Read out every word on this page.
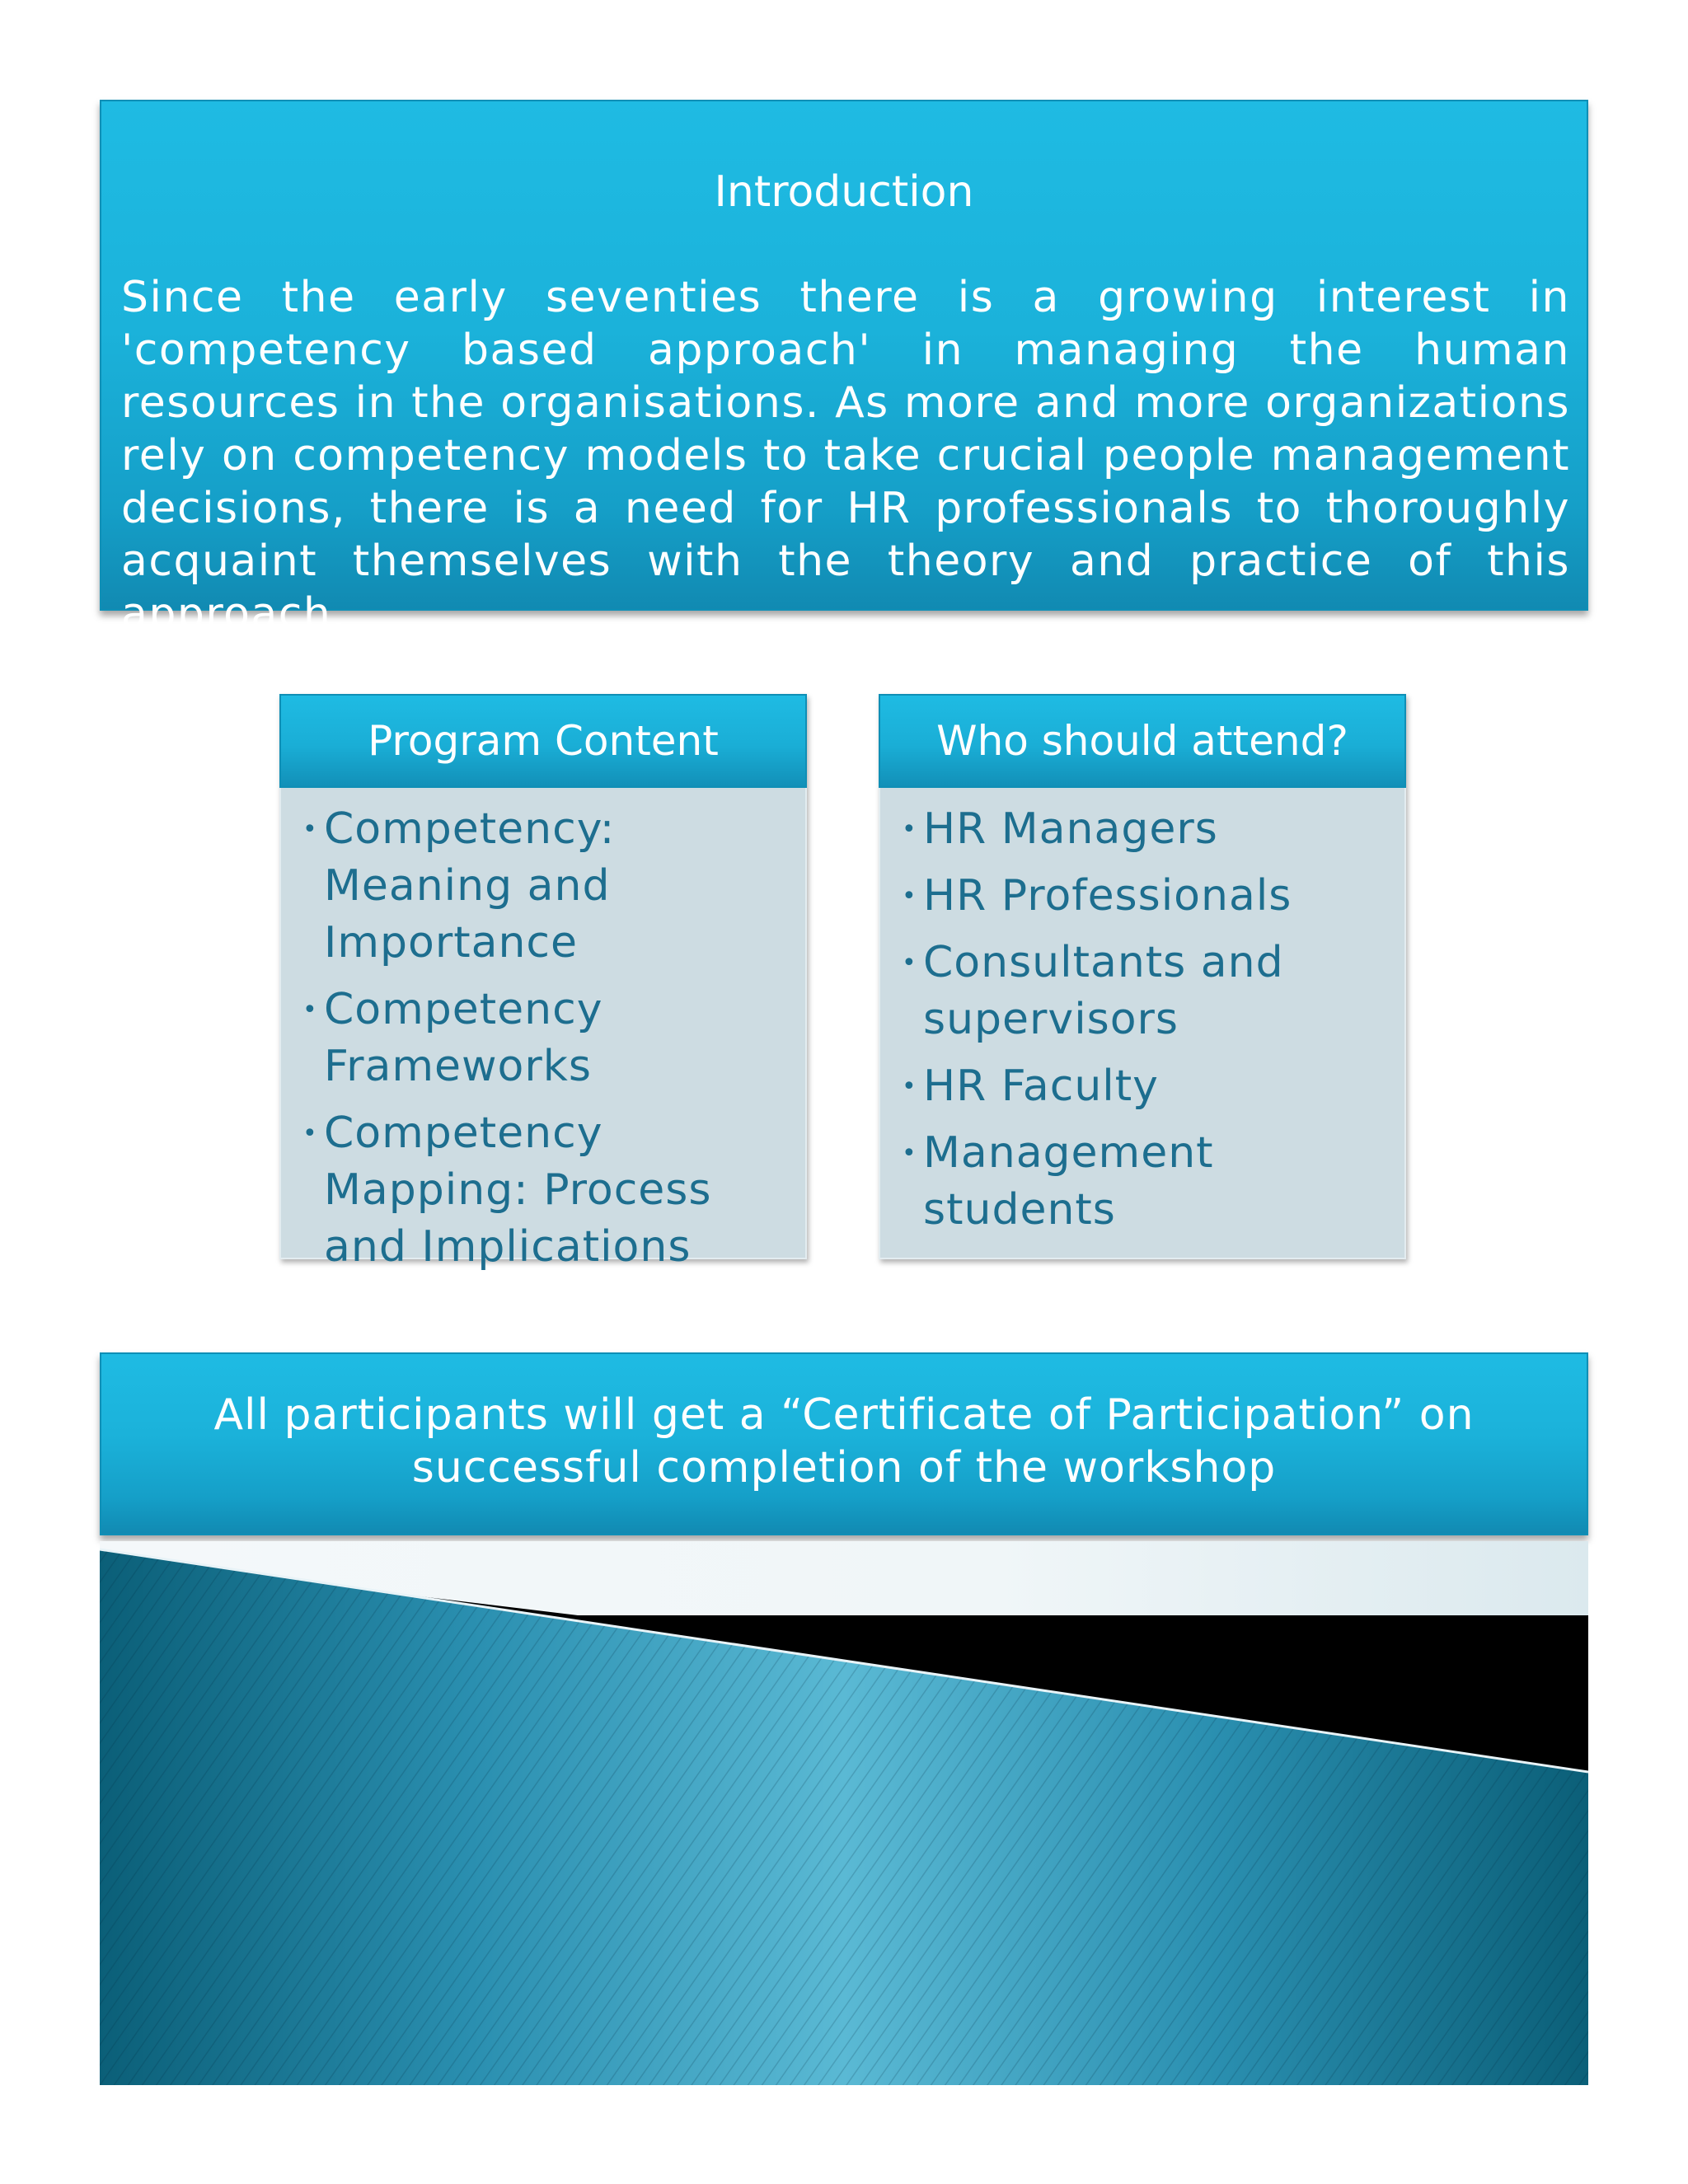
Introduction
Since the early seventies there is a growing interest in 'competency based approach' in managing the human resources in the organisations. As more and more organizations rely on competency models to take crucial people management decisions, there is a need for HR professionals to thoroughly acquaint themselves with the theory and practice of this approach.
Program Content
• Competency: Meaning and Importance
• Competency Frameworks
• Competency Mapping: Process and Implications
Who should attend?
• HR Managers
• HR Professionals
• Consultants and supervisors
• HR Faculty
• Management students
All participants will get a “Certificate of Participation” on successful completion of the workshop
